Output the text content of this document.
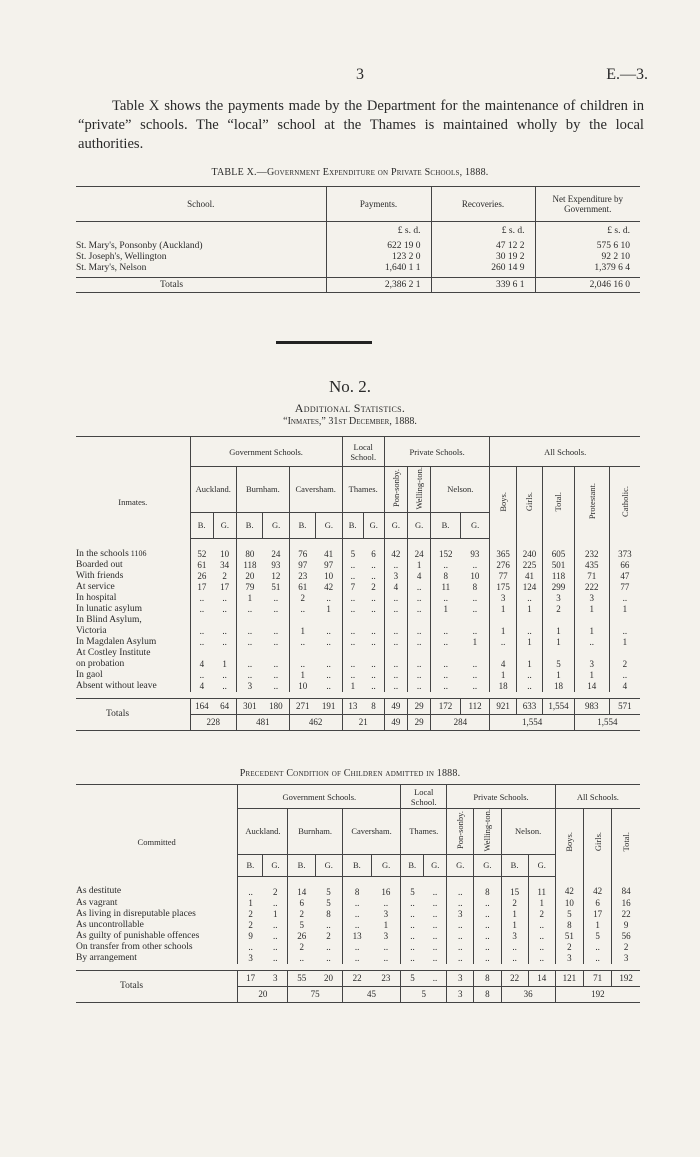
3	E.—3.
Table X shows the payments made by the Department for the maintenance of children in “private” schools. The “local” school at the Thames is maintained wholly by the local authorities.
TABLE X.—Government Expenditure on Private Schools, 1888.
School.	Payments.	Recoveries.	Net Expenditure by Government.
	£ s. d.	£ s. d.	£ s. d.
St. Mary's, Ponsonby (Auckland)	622 19 0	47 12 2	575 6 10
St. Joseph's, Wellington	123 2 0	30 19 2	92 2 10
St. Mary's, Nelson	1,640 1 1	260 14 9	1,379 6 4

Totals	2,386 2 1	339 6 1	2,046 16 0
No. 2.
Additional Statistics.
“Inmates,” 31st December, 1888.
	Government Schools.						Local School.		Private Schools.				All Schools.				
Inmates.	Auckland.		Burnham.		Caversham.		Thames.		Pon-sonby.	Welling-ton.	Nelson.		Boys.	Girls.	Total.	Protestant.	Catholic.
	B.	G.	B.	G.	B.	G.	B.	G.	G.	G.	B.	G.					
In the schools 1106	52	10	80	24	76	41	5	6	42	24	152	93	365	240	605	232	373
Boarded out	61	34	118	93	97	97	..	..	..	1	..	..	276	225	501	435	66
With friends	26	2	20	12	23	10	..	..	3	4	8	10	77	41	118	71	47
At service	17	17	79	51	61	42	7	2	4	..	11	8	175	124	299	222	77
In hospital	..	..	1	..	2	..	..	..	..	..	..	..	3	..	3	3	..
In lunatic asylum	..	..	..	..	..	1	..	..	..	..	1	..	1	1	2	1	1
In Blind Asylum,																	
Victoria	..	..	..	..	1	..	..	..	..	..	..	..	1	..	1	1	..
In Magdalen Asylum	..	..	..	..	..	..	..	..	..	..	..	1	..	1	1	..	1
At Costley Institute																	
on probation	4	1	..	..	..	..	..	..	..	..	..	..	4	1	5	3	2
In gaol	..	..	..	..	1	..	..	..	..	..	..	..	1	..	1	1	..
Absent without leave	4	..	3	..	10	..	1	..	..	..	..	..	18	..	18	14	4

Totals	164	64	301	180	271	191	13	8	49	29	172	112	921	633	1,554	983	571
	228		481		462		21		49	29	284		1,554			1,554	
Precedent Condition of Children admitted in 1888.
	Government Schools.						Local School.		Private Schools.				All Schools.		
Committed	Auckland.		Burnham.		Caversham.		Thames.		Pon-sonby.	Welling-ton.	Nelson.		Boys.	Girls.	Total.
	B.	G.	B.	G.	B.	G.	B.	G.	G.	G.	B.	G.			
As destitute	..	2	14	5	8	16	5	..	..	8	15	11	42	42	84
As vagrant	1	..	6	5	..	..	..	..	..	..	2	1	10	6	16
As living in disreputable places	2	1	2	8	..	3	..	..	3	..	1	2	5	17	22
As uncontrollable	2	..	5	..	..	1	..	..	..	..	1	..	8	1	9
As guilty of punishable offences	9	..	26	2	13	3	..	..	..	..	3	..	51	5	56
On transfer from other schools	..	..	2	..	..	..	..	..	..	..	..	..	2	..	2
By arrangement	3	..	..	..	..	..	..	..	..	..	..	..	3	..	3

Totals	17	3	55	20	22	23	5	..	3	8	22	14	121	71	192
	20		75		45		5		3	8	36		192		
